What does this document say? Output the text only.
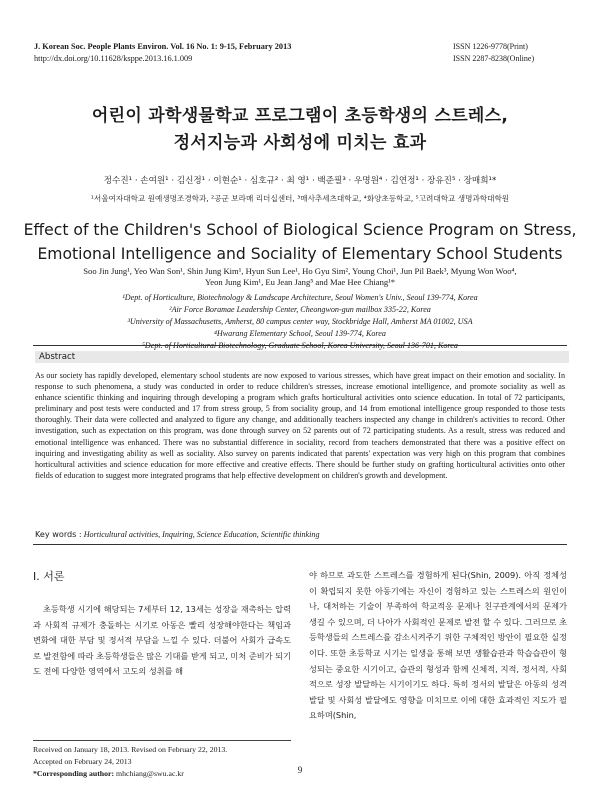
J. Korean Soc. People Plants Environ. Vol. 16 No. 1: 9-15, February 2013
http://dx.doi.org/10.11628/ksppe.2013.16.1.009
ISSN 1226-9778(Print)
ISSN 2287-8238(Online)
어린이 과학생물학교 프로그램이 초등학생의 스트레스,
정서지능과 사회성에 미치는 효과
정수진¹ · 손여원¹ · 김신정¹ · 이현순¹ · 심호규² · 최 영¹ · 백준필³ · 우명원⁴ · 김연정¹ · 장유진⁵ · 장매희¹*
¹서울여자대학교 원예생명조경학과, ²공군 보라매 리더십센터, ³매사추세츠대학교, ⁴화양초등학교, ⁵고려대학교 생명과학대학원
Effect of the Children's School of Biological Science Program on Stress,
Emotional Intelligence and Sociality of Elementary School Students
Soo Jin Jung¹, Yeo Wan Son¹, Shin Jung Kim¹, Hyun Sun Lee¹, Ho Gyu Sim², Young Choi¹, Jun Pil Baek³, Myung Won Woo⁴,
Yeon Jung Kim¹, Eu Jean Jang⁵ and Mae Hee Chiang¹*
¹Dept. of Horticulture, Biotechnology & Landscape Architecture, Seoul Women's Univ., Seoul 139-774, Korea
²Air Force Boramae Leadership Center, Cheongwon-gun mailbox 335-22, Korea
³University of Massachusetts, Amherst, 80 campus center way, Stockbridge Hall, Amherst MA 01002, USA
⁴Hwarang Elementary School, Seoul 139-774, Korea
⁵Dept. of Horticultural Biotechnology, Graduate School, Korea University, Seoul 136-701, Korea
Abstract
As our society has rapidly developed, elementary school students are now exposed to various stresses, which have great impact on their emotion and sociality. In response to such phenomena, a study was conducted in order to reduce children's stresses, increase emotional intelligence, and promote sociality as well as enhance scientific thinking and inquiring through developing a program which grafts horticultural activities onto science education. In total of 72 participants, preliminary and post tests were conducted and 17 from stress group, 5 from sociality group, and 14 from emotional intelligence group responded to those tests thoroughly. Their data were collected and analyzed to figure any change, and additionally teachers inspected any change in children's activities to record. Other investigation, such as expectation on this program, was done through survey on 52 parents out of 72 participating students. As a result, stress was reduced and emotional intelligence was enhanced. There was no substantial difference in sociality, record from teachers demonstrated that there was a positive effect on inquiring and investigating ability as well as sociality. Also survey on parents indicated that parents' expectation was very high on this program that combines horticultural activities and science education for more effective and creative effects. There should be further study on grafting horticultural activities onto other fields of education to suggest more integrated programs that help effective development on children's growth and development.
Key words : Horticultural activities, Inquiring, Science Education, Scientific thinking
Ⅰ. 서론
초등학생 시기에 해당되는 7세부터 12, 13세는 성장을 재촉하는 압력과 사회적 규제가 충돌하는 시기로 아동은 빨리 성장해야한다는 책임과 변화에 대한 부담 및 정서적 부담을 느낄 수 있다. 더불어 사회가 급속도로 발전함에 따라 초등학생들은 많은 기대를 받게 되고, 미처 준비가 되기도 전에 다양한 영역에서 고도의 성취를 해
야 하므로 과도한 스트레스를 경험하게 된다(Shin, 2009). 아직 정체성이 확립되지 못한 아동기에는 자신이 경험하고 있는 스트레스의 원인이나, 대처하는 기술이 부족하여 학교적응 문제나 친구관계에서의 문제가 생길 수 있으며, 더 나아가 사회적인 문제로 발전 할 수 있다. 그러므로 초등학생들의 스트레스를 감소시켜주기 위한 구체적인 방안이 필요한 실정이다. 또한 초등학교 시기는 일생을 통해 보면 생활습관과 학습습관이 형성되는 중요한 시기이고, 습관의 형성과 함께 신체적, 지적, 정서적, 사회적으로 성장 발달하는 시기이기도 하다. 특히 정서의 발달은 아동의 성격발달 및 사회성 발달에도 영향을 미치므로 이에 대한 효과적인 지도가 필요하며(Shin,
Received on January 18, 2013. Revised on February 22, 2013.
Accepted on February 24, 2013
*Corresponding author: mhchiang@swu.ac.kr	9
